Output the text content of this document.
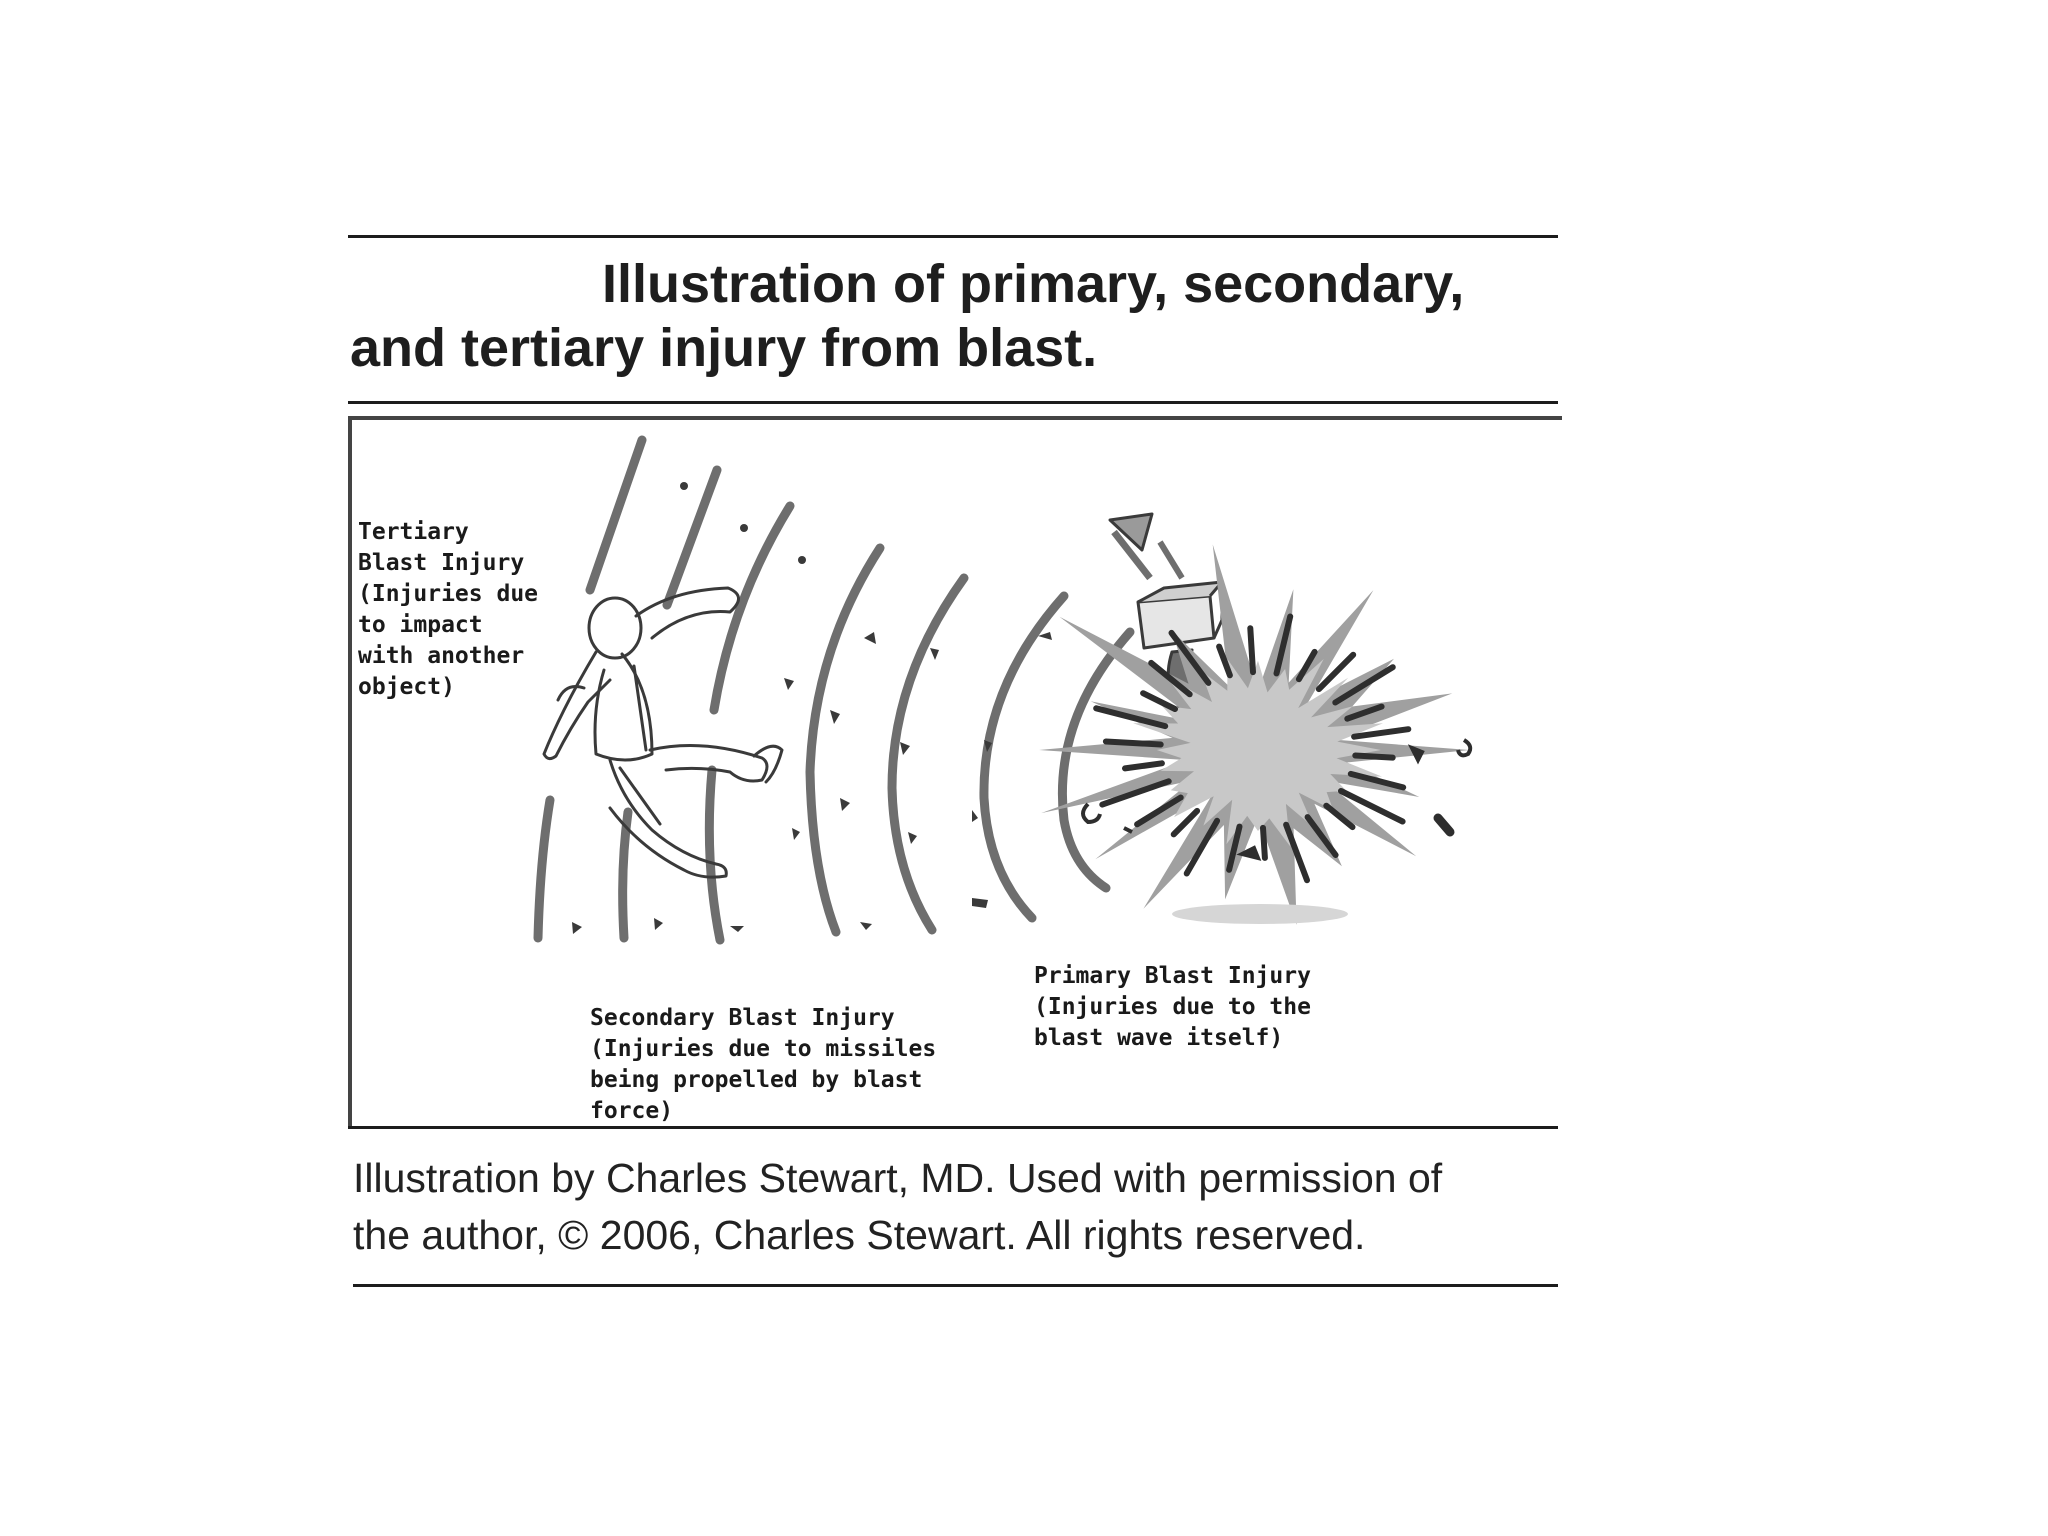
Illustration of primary, secondary,
and tertiary injury from blast.

Tertiary
Blast Injury
(Injuries due
to impact
with another
object)

Secondary Blast Injury
(Injuries due to missiles
being propelled by blast
force)

Primary Blast Injury
(Injuries due to the
blast wave itself)

Illustration by Charles Stewart, MD. Used with permission of
the author, © 2006, Charles Stewart. All rights reserved.
